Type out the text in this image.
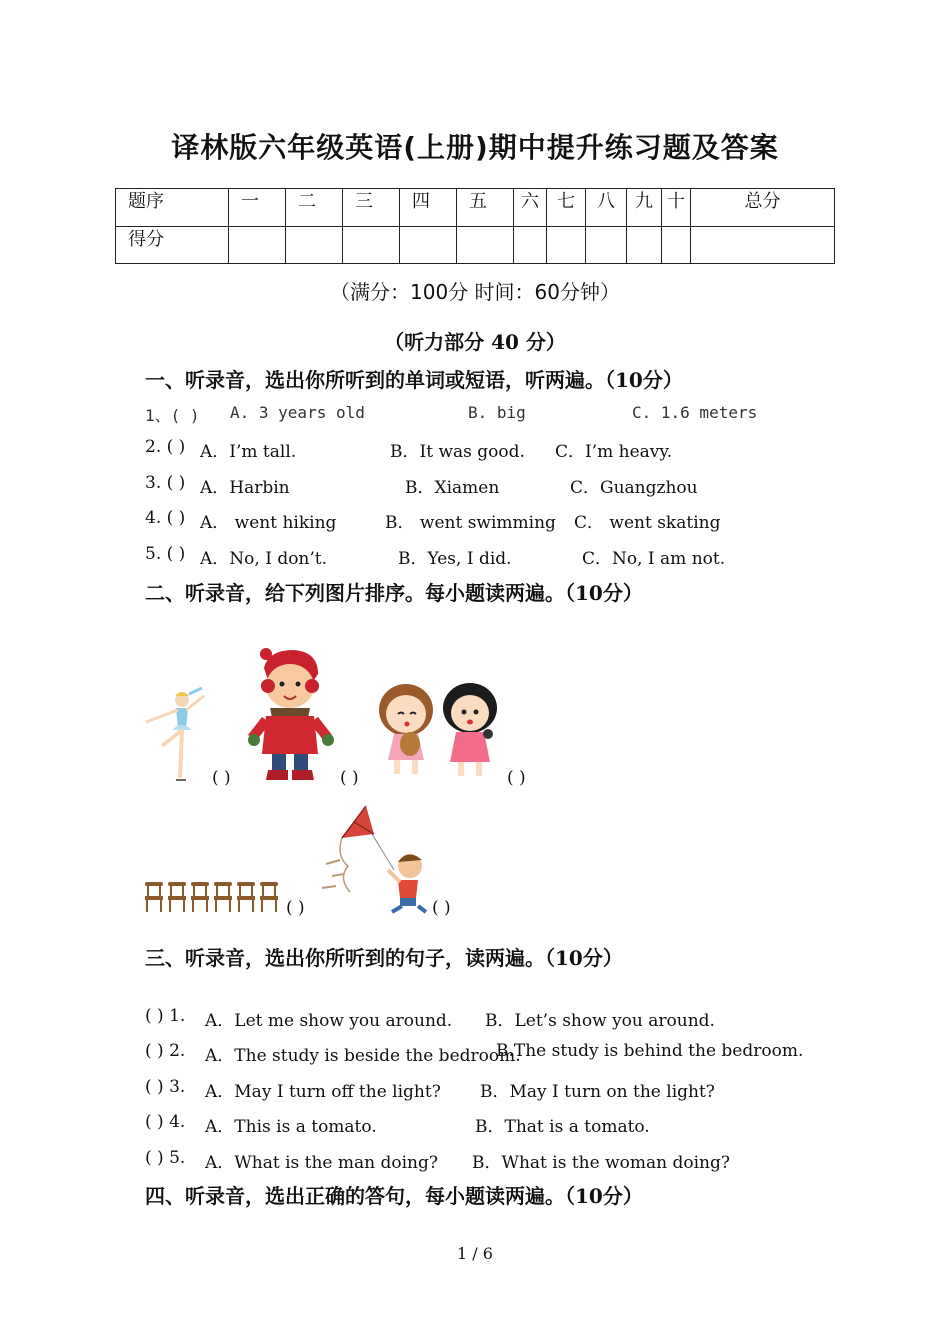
译林版六年级英语(上册)期中提升练习题及答案
题序	一	二	三	四	五	六	七	八	九	十	总分
得分											
（满分：100分 时间：60分钟）
（听力部分 40 分）
一、听录音，选出你所听到的单词或短语，听两遍。（10分）
1、( ) A. 3 years old	B. big	C. 1.6 meters
2. ( ) A．I’m tall.	B．It was good. C．I’m heavy.
3. ( ) A．Harbin	B．Xiamen	C．Guangzhou
4. ( ) A． went hiking	B． went swimming C． went skating
5. ( ) A．No, I don’t.	B．Yes, I did.	C．No, I am not.
二、听录音，给下列图片排序。每小题读两遍。（10分）
( )	( )	( )
( )	( )
三、听录音，选出你所听到的句子，读两遍。（10分）
( ) 1. A．Let me show you around. B．Let’s show you around.
( ) 2. A．The study is beside the bedroom.
B.The study is behind the bedroom.
( ) 3. A．May I turn off the light? B．May I turn on the light?
( ) 4. A．This is a tomato.	B．That is a tomato.
( ) 5. A．What is the man doing? B．What is the woman doing?
四、听录音，选出正确的答句，每小题读两遍。（10分）
1 / 6
